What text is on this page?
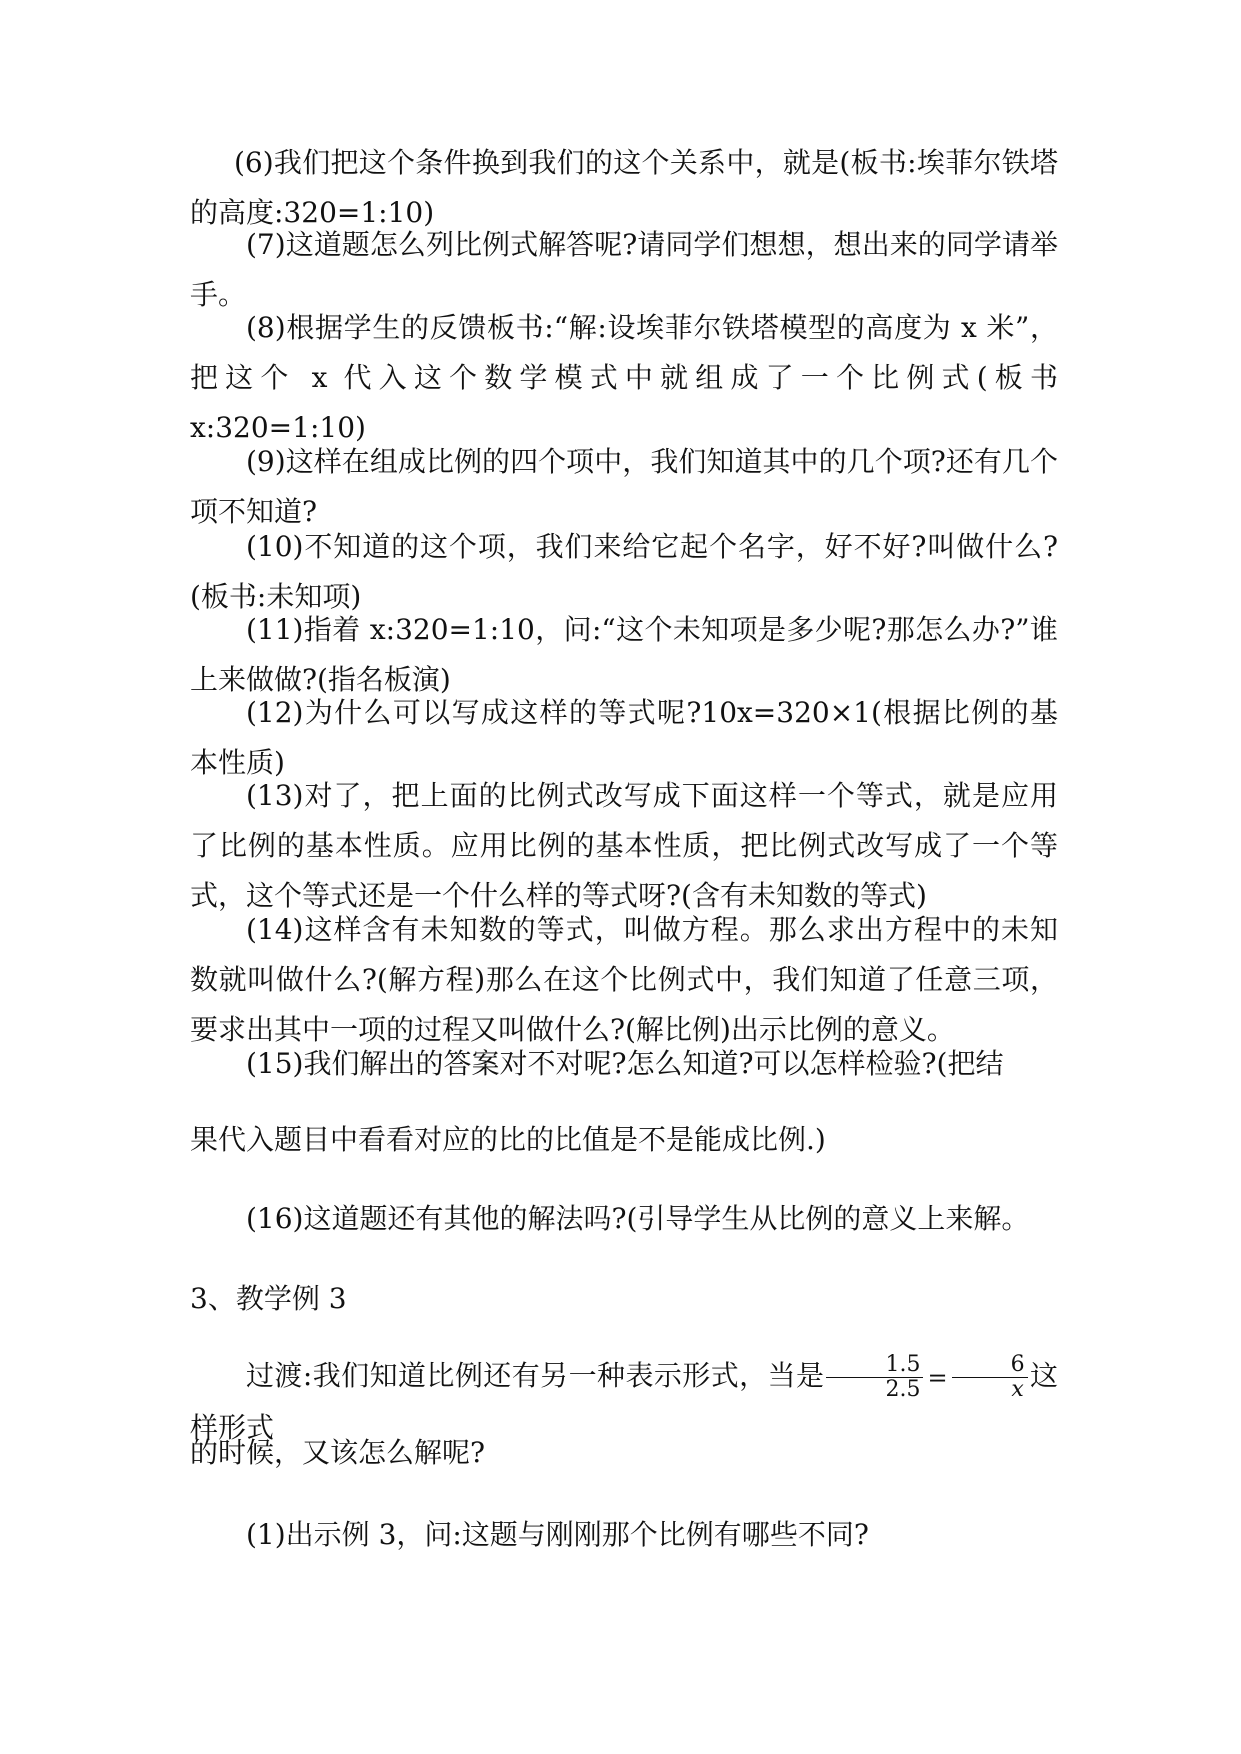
(6)我们把这个条件换到我们的这个关系中，就是(板书:埃菲尔铁塔的高度:320=1:10)

(7)这道题怎么列比例式解答呢?请同学们想想，想出来的同学请举手。

(8)根据学生的反馈板书:“解:设埃菲尔铁塔模型的高度为 x 米”，把这个 x 代入这个数学模式中就组成了一个比例式(板书 x:320=1:10)

(9)这样在组成比例的四个项中，我们知道其中的几个项?还有几个项不知道?

(10)不知道的这个项，我们来给它起个名字，好不好?叫做什么?(板书:未知项)

(11)指着 x:320=1:10，问:“这个未知项是多少呢?那怎么办?”谁上来做做?(指名板演)

(12)为什么可以写成这样的等式呢?10x=320×1(根据比例的基本性质)

(13)对了，把上面的比例式改写成下面这样一个等式，就是应用了比例的基本性质。应用比例的基本性质，把比例式改写成了一个等式，这个等式还是一个什么样的等式呀?(含有未知数的等式)

(14)这样含有未知数的等式，叫做方程。那么求出方程中的未知数就叫做什么?(解方程)那么在这个比例式中，我们知道了任意三项，要求出其中一项的过程又叫做什么?(解比例)出示比例的意义。

(15)我们解出的答案对不对呢?怎么知道?可以怎样检验?(把结

果代入题目中看看对应的比的比值是不是能成比例.)

(16)这道题还有其他的解法吗?(引导学生从比例的意义上来解。

3、教学例 3

过渡:我们知道比例还有另一种表示形式，当是 $\frac{1.5}{2.5} = \frac{6}{x}$ 这样形式

的时候，又该怎么解呢?

(1)出示例 3，问:这题与刚刚那个比例有哪些不同?
